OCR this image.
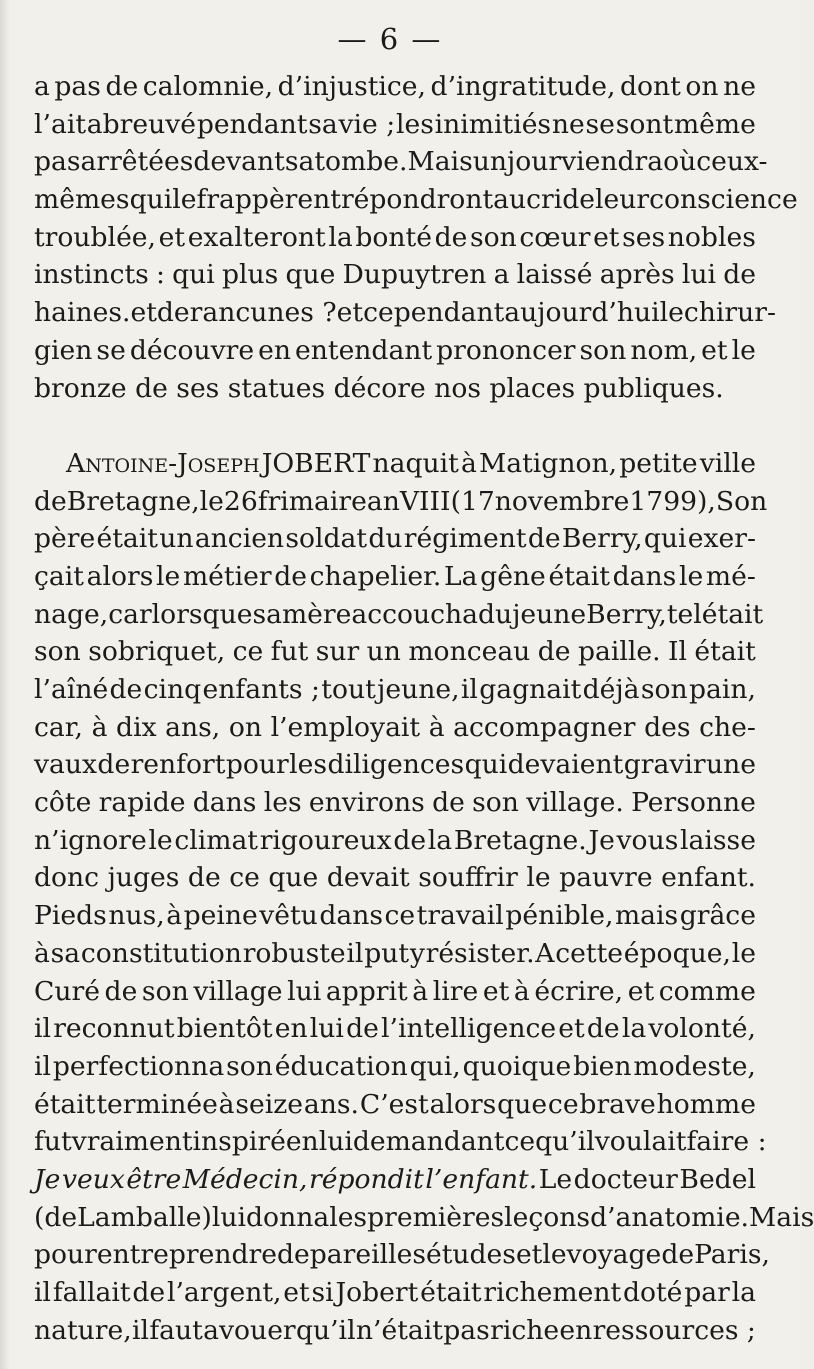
— 6 —
a pas de calomnie, d’injustice, d’ingratitude, dont on ne
l’ait abreuvé pendant sa vie ; les inimitiés ne se sont même
pas arrêtées devant sa tombe. Mais un jour viendra où ceux-
mêmes qui le frappèrent répondront au cri de leur conscience
troublée, et exalteront la bonté de son cœur et ses nobles
instincts : qui plus que Dupuytren a laissé après lui de
haines. et de rancunes ? et cependant aujourd’hui le chirur-
gien se découvre en entendant prononcer son nom, et le
bronze de ses statues décore nos places publiques.
Antoine-Joseph JOBERT naquit à Matignon, petite ville
de Bretagne, le 26 frimaire an VIII (17 novembre 1799), Son
père était un ancien soldat du régiment de Berry, qui exer-
çait alors le métier de chapelier. La gêne était dans le mé-
nage, car lorsque sa mère accoucha du jeune Berry, tel était
son sobriquet, ce fut sur un monceau de paille. Il était
l’aîné de cinq enfants ; tout jeune, il gagnait déjà son pain,
car, à dix ans, on l’employait à accompagner des che-
vaux de renfort pour les diligences qui devaient gravir une
côte rapide dans les environs de son village. Personne
n’ignore le climat rigoureux de la Bretagne. Je vous laisse
donc juges de ce que devait souffrir le pauvre enfant.
Pieds nus, à peine vêtu dans ce travail pénible, mais grâce
à sa constitution robuste il put y résister. A cette époque, le
Curé de son village lui apprit à lire et à écrire, et comme
il reconnut bientôt en lui de l’intelligence et de la volonté,
il perfectionna son éducation qui, quoique bien modeste,
était terminée à seize ans. C’est alors que ce brave homme
fut vraiment inspiré en lui demandant ce qu’il voulait faire :
Je veux être Médecin, répondit l’enfant. Le docteur Bedel
(de Lamballe) lui donna les premières leçons d’anatomie. Mais
pour entreprendre de pareilles études et le voyage de Paris,
il fallait de l’argent, et si Jobert était richement doté par la
nature, il faut avouer qu’il n’était pas riche en ressources ;
